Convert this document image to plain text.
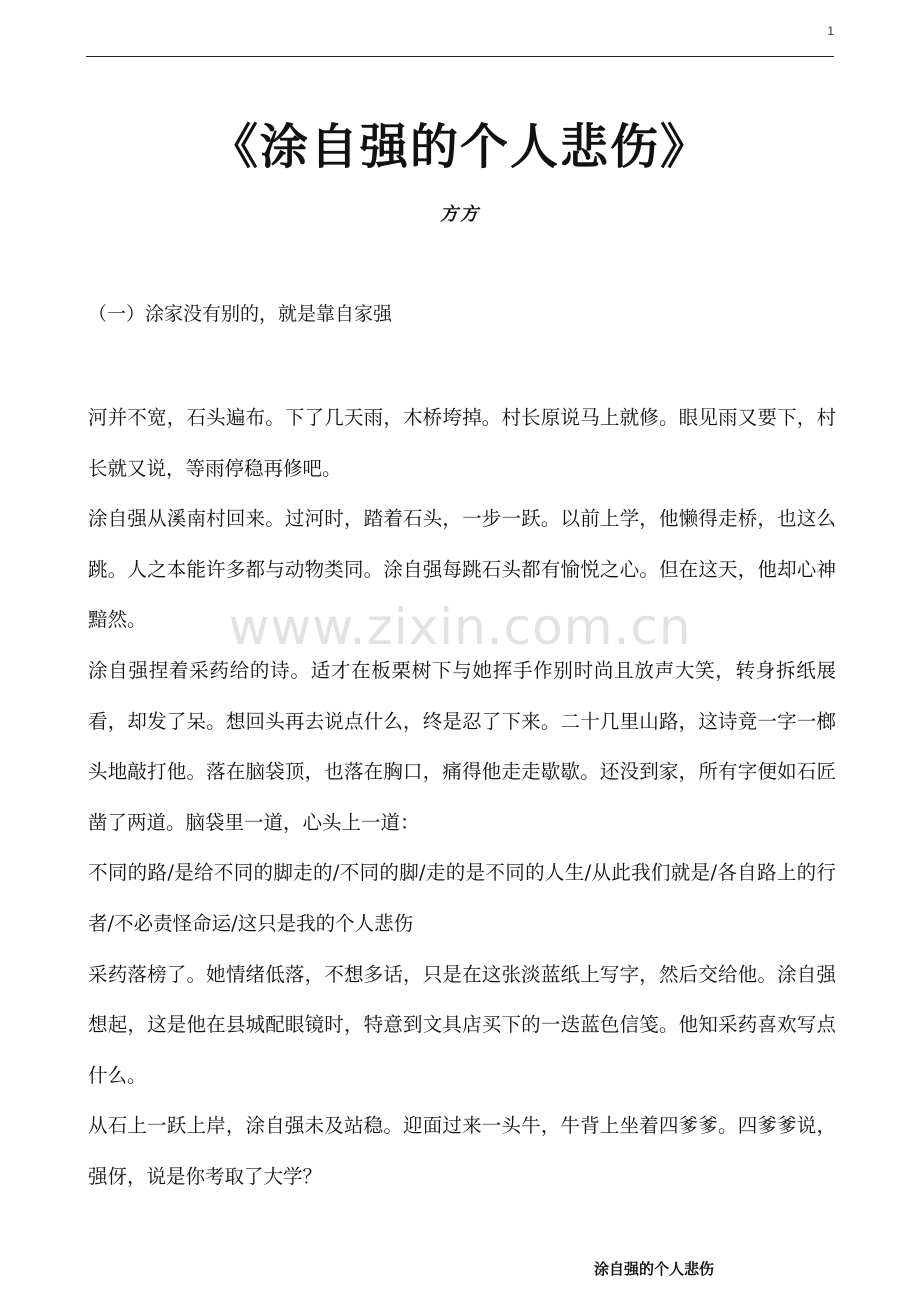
1
《涂自强的个人悲伤》
方方
（一）涂家没有别的，就是靠自家强

河并不宽，石头遍布。下了几天雨，木桥垮掉。村长原说马上就修。眼见雨又要下，村长就又说，等雨停稳再修吧。

涂自强从溪南村回来。过河时，踏着石头，一步一跃。以前上学，他懒得走桥，也这么跳。人之本能许多都与动物类同。涂自强每跳石头都有愉悦之心。但在这天，他却心神黯然。

涂自强捏着采药给的诗。适才在板栗树下与她挥手作别时尚且放声大笑，转身拆纸展看，却发了呆。想回头再去说点什么，终是忍了下来。二十几里山路，这诗竟一字一榔头地敲打他。落在脑袋顶，也落在胸口，痛得他走走歇歇。还没到家，所有字便如石匠凿了两道。脑袋里一道，心头上一道：

不同的路/是给不同的脚走的/不同的脚/走的是不同的人生/从此我们就是/各自路上的行者/不必责怪命运/这只是我的个人悲伤

采药落榜了。她情绪低落，不想多话，只是在这张淡蓝纸上写字，然后交给他。涂自强想起，这是他在县城配眼镜时，特意到文具店买下的一迭蓝色信笺。他知采药喜欢写点什么。

从石上一跃上岸，涂自强未及站稳。迎面过来一头牛，牛背上坐着四爹爹。四爹爹说，强伢，说是你考取了大学？

www.zixin.com.cn
涂自强的个人悲伤
